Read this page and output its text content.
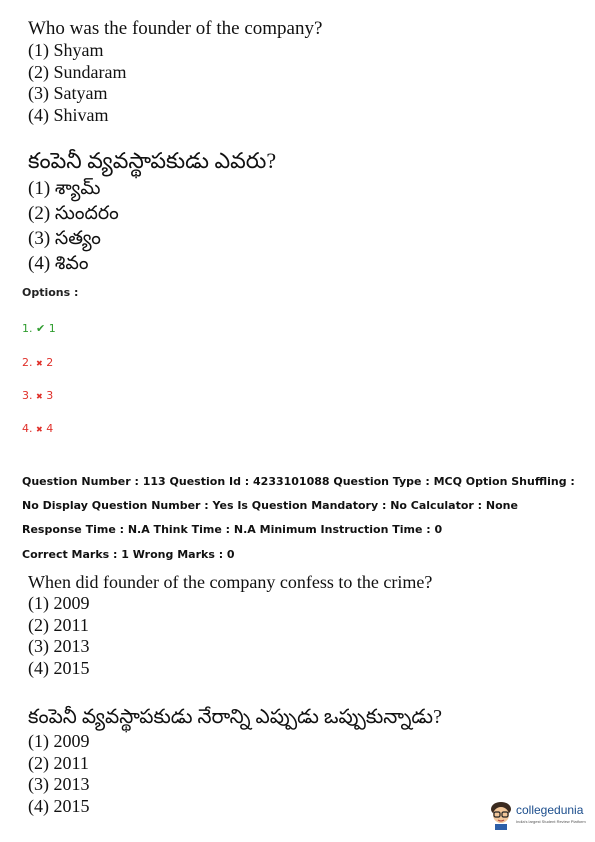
Who was the founder of the company?
(1) Shyam
(2) Sundaram
(3) Satyam
(4) Shivam
కంపెనీ వ్యవస్థాపకుడు ఎవరు?
(1) శ్యామ్
(2) సుందరం
(3) సత్యం
(4) శివం
Options :
1. ✔ 1
2. ✖ 2
3. ✖ 3
4. ✖ 4
Question Number : 113 Question Id : 4233101088 Question Type : MCQ Option Shuffling : No Display Question Number : Yes Is Question Mandatory : No Calculator : None Response Time : N.A Think Time : N.A Minimum Instruction Time : 0
Correct Marks : 1 Wrong Marks : 0
When did founder of the company confess to the crime?
(1) 2009
(2) 2011
(3) 2013
(4) 2015
కంపెనీ వ్యవస్థాపకుడు నేరాన్ని ఎప్పుడు ఒప్పుకున్నాడు?
(1) 2009
(2) 2011
(3) 2013
(4) 2015	collegedunia
India's largest Student Review Platform
